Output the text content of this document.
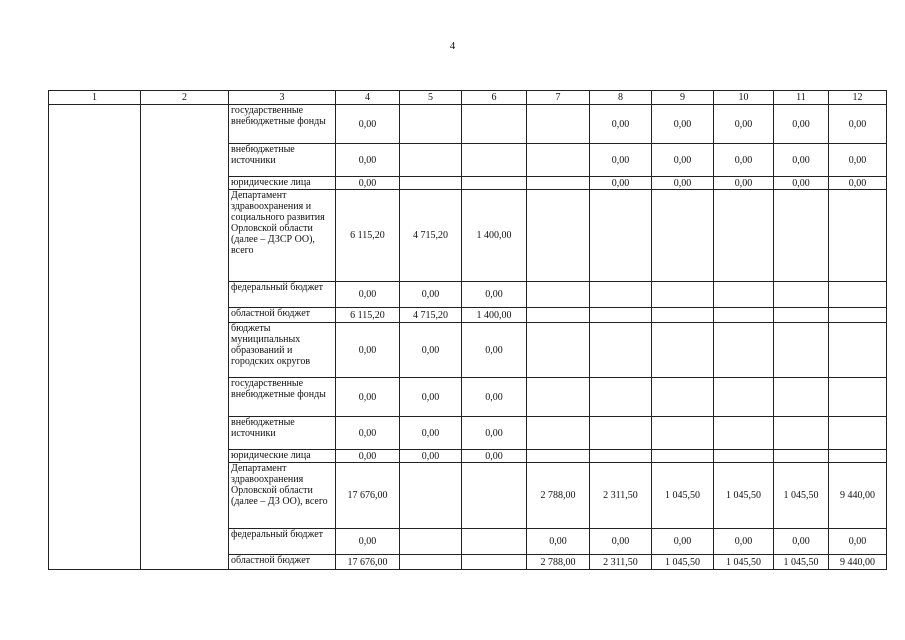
4
1	2	3	4	5	6	7	8	9	10	11	12
		государственные внебюджетные фонды	0,00				0,00	0,00	0,00	0,00	0,00
		внебюджетные источники	0,00				0,00	0,00	0,00	0,00	0,00
		юридические лица	0,00				0,00	0,00	0,00	0,00	0,00
		Департамент здравоохранения и социального развития Орловской области (далее – ДЗСР ОО), всего	6 115,20	4 715,20	1 400,00						
		федеральный бюджет	0,00	0,00	0,00						
		областной бюджет	6 115,20	4 715,20	1 400,00						
		бюджеты муниципальных образований и городских округов	0,00	0,00	0,00						
		государственные внебюджетные фонды	0,00	0,00	0,00						
		внебюджетные источники	0,00	0,00	0,00						
		юридические лица	0,00	0,00	0,00						
		Департамент здравоохранения Орловской области (далее – ДЗ ОО), всего	17 676,00			2 788,00	2 311,50	1 045,50	1 045,50	1 045,50	9 440,00
		федеральный бюджет	0,00			0,00	0,00	0,00	0,00	0,00	0,00
		областной бюджет	17 676,00			2 788,00	2 311,50	1 045,50	1 045,50	1 045,50	9 440,00
